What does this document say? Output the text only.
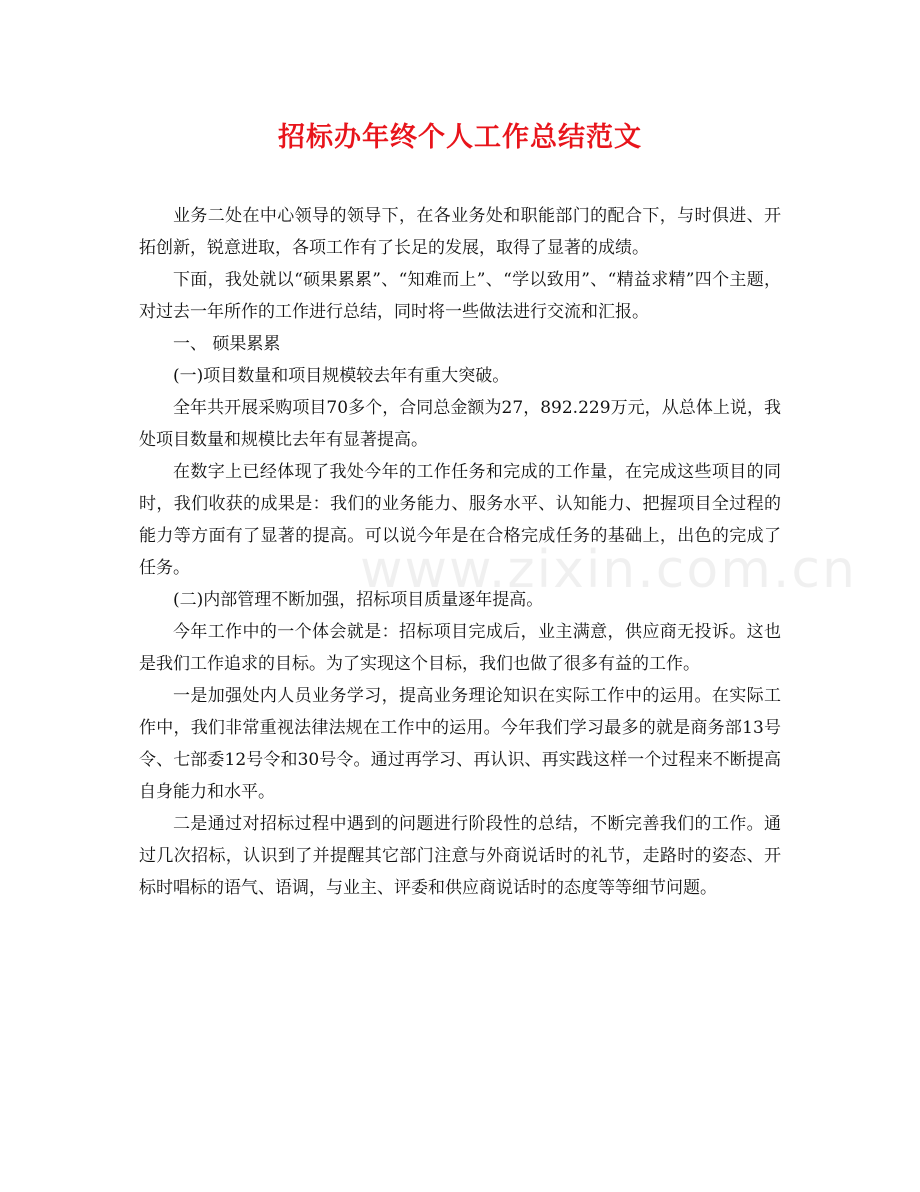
招标办年终个人工作总结范文
www.zixin.com.cn

业务二处在中心领导的领导下，在各业务处和职能部门的配合下，与时俱进、开拓创新，锐意进取，各项工作有了长足的发展，取得了显著的成绩。

下面，我处就以“硕果累累”、“知难而上”、“学以致用”、“精益求精”四个主题，对过去一年所作的工作进行总结，同时将一些做法进行交流和汇报。

一、 硕果累累

(一)项目数量和项目规模较去年有重大突破。

全年共开展采购项目70多个，合同总金额为27，892.229万元，从总体上说，我处项目数量和规模比去年有显著提高。

在数字上已经体现了我处今年的工作任务和完成的工作量，在完成这些项目的同时，我们收获的成果是：我们的业务能力、服务水平、认知能力、把握项目全过程的能力等方面有了显著的提高。可以说今年是在合格完成任务的基础上，出色的完成了任务。

(二)内部管理不断加强，招标项目质量逐年提高。

今年工作中的一个体会就是：招标项目完成后，业主满意，供应商无投诉。这也是我们工作追求的目标。为了实现这个目标，我们也做了很多有益的工作。

一是加强处内人员业务学习，提高业务理论知识在实际工作中的运用。在实际工作中，我们非常重视法律法规在工作中的运用。今年我们学习最多的就是商务部13号令、七部委12号令和30号令。通过再学习、再认识、再实践这样一个过程来不断提高自身能力和水平。

二是通过对招标过程中遇到的问题进行阶段性的总结，不断完善我们的工作。通过几次招标，认识到了并提醒其它部门注意与外商说话时的礼节，走路时的姿态、开标时唱标的语气、语调，与业主、评委和供应商说话时的态度等等细节问题。
